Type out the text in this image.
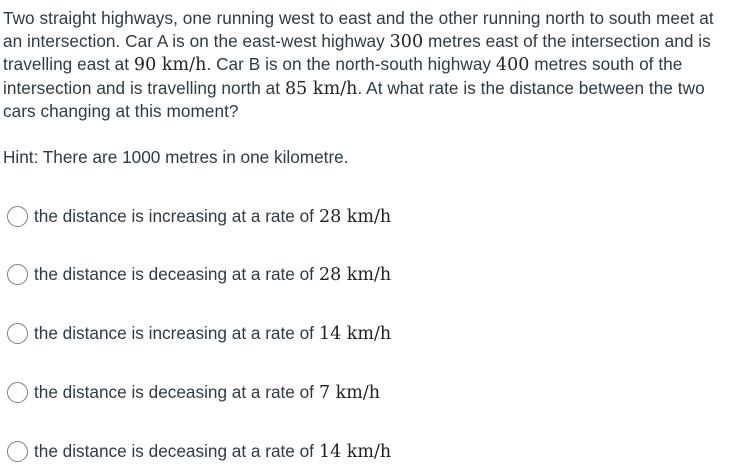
Two straight highways, one running west to east and the other running north to south meet at an intersection. Car A is on the east-west highway 300 metres east of the intersection and is travelling east at 90 km/h. Car B is on the north-south highway 400 metres south of the intersection and is travelling north at 85 km/h. At what rate is the distance between the two cars changing at this moment?

Hint: There are 1000 metres in one kilometre.
the distance is increasing at a rate of 28 km/h
the distance is deceasing at a rate of 28 km/h
the distance is increasing at a rate of 14 km/h
the distance is deceasing at a rate of 7 km/h
the distance is deceasing at a rate of 14 km/h
